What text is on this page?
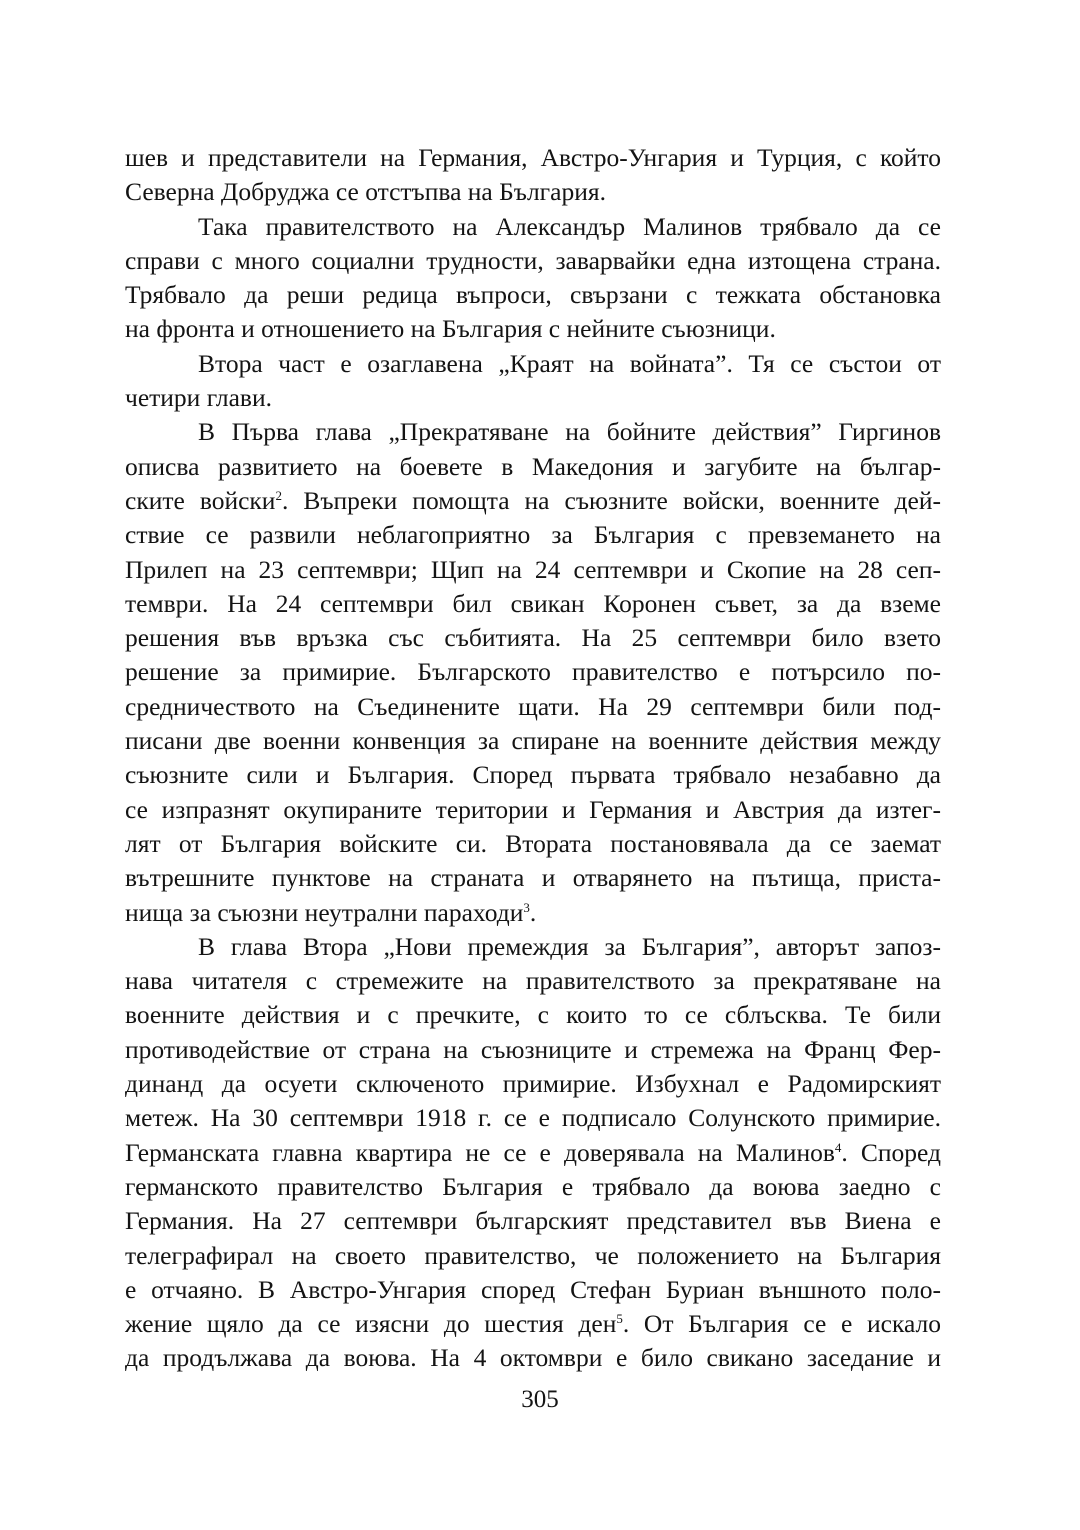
шев и представители на Германия, Австро-Унгария и Турция, с който
Северна Добруджа се отстъпва на България.
Така правителството на Александър Малинов трябвало да се
справи с много социални трудности, заварвайки една изтощена страна.
Трябвало да реши редица въпроси, свързани с тежката обстановка
на фронта и отношението на България с нейните съюзници.
Втора част е озаглавена „Краят на войната”. Тя се състои от
четири глави.
В Първа глава „Прекратяване на бойните действия” Гиргинов
описва развитието на боевете в Македония и загубите на българ-
ските войски$^2$. Въпреки помощта на съюзните войски, военните дей-
ствие се развили неблагоприятно за България с превземането на
Прилеп на 23 септември; Щип на 24 септември и Скопие на 28 сеп-
тември. На 24 септември бил свикан Коронен съвет, за да вземе
решения във връзка със събитията. На 25 септември било взето
решение за примирие. Българското правителство е потърсило по-
средничеството на Съединените щати. На 29 септември били под-
писани две военни конвенция за спиране на военните действия между
съюзните сили и България. Според първата трябвало незабавно да
се изпразнят окупираните територии и Германия и Австрия да изтег-
лят от България войските си. Втората постановявала да се заемат
вътрешните пунктове на страната и отварянето на пътища, приста-
нища за съюзни неутрални параходи$^3$.
В глава Втора „Нови премеждия за България”, авторът запоз-
нава читателя с стремежите на правителството за прекратяване на
военните действия и с пречките, с които то се сблъсква. Те били
противодействие от страна на съюзниците и стремежа на Франц Фер-
динанд да осуети сключеното примирие. Избухнал е Радомирският
метеж. На 30 септември 1918 г. се е подписало Солунското примирие.
Германската главна квартира не се е доверявала на Малинов$^4$. Според
германското правителство България е трябвало да воюва заедно с
Германия. На 27 септември българският представител във Виена е
телеграфирал на своето правителство, че положението на България
е отчаяно. В Австро-Унгария според Стефан Буриан външното поло-
жение щяло да се изясни до шестия ден$^5$. От България се е искало
да продължава да воюва. На 4 октомври е било свикано заседание и
305
